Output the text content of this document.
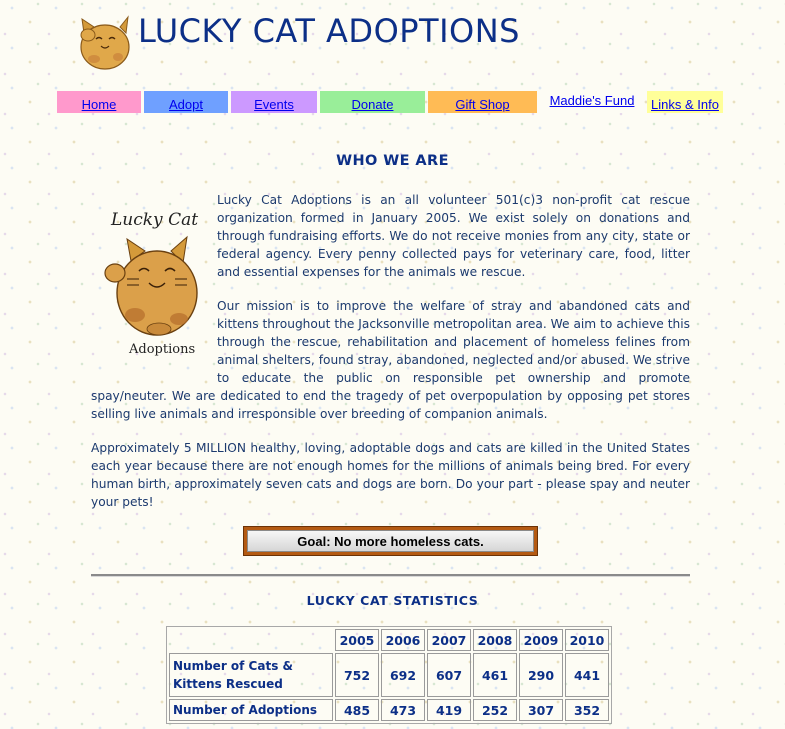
LUCKY CAT ADOPTIONS
Home	Adopt	Events	Donate	Gift Shop	Maddie's Fund Links & Info
WHO WE ARE
Lucky Cat
Adoptions

Lucky Cat Adoptions is an all volunteer 501(c)3 non-profit cat rescue organization formed in January 2005. We exist solely on donations and through fundraising efforts. We do not receive monies from any city, state or federal agency. Every penny collected pays for veterinary care, food, litter and essential expenses for the animals we rescue.

Our mission is to improve the welfare of stray and abandoned cats and kittens throughout the Jacksonville metropolitan area. We aim to achieve this through the rescue, rehabilitation and placement of homeless felines from animal shelters, found stray, abandoned, neglected and/or abused. We strive to educate the public on responsible pet ownership and promote spay/neuter. We are dedicated to end the tragedy of pet overpopulation by opposing pet stores selling live animals and irresponsible over breeding of companion animals.

Approximately 5 MILLION healthy, loving, adoptable dogs and cats are killed in the United States each year because there are not enough homes for the millions of animals being bred. For every human birth, approximately seven cats and dogs are born. Do your part - please spay and neuter your pets!

Goal: No more homeless cats.
LUCKY CAT STATISTICS
	2005	2006	2007	2008	2009	2010
Number of Cats & Kittens Rescued	752	692	607	461	290	441
Number of Adoptions	485	473	419	252	307	352
